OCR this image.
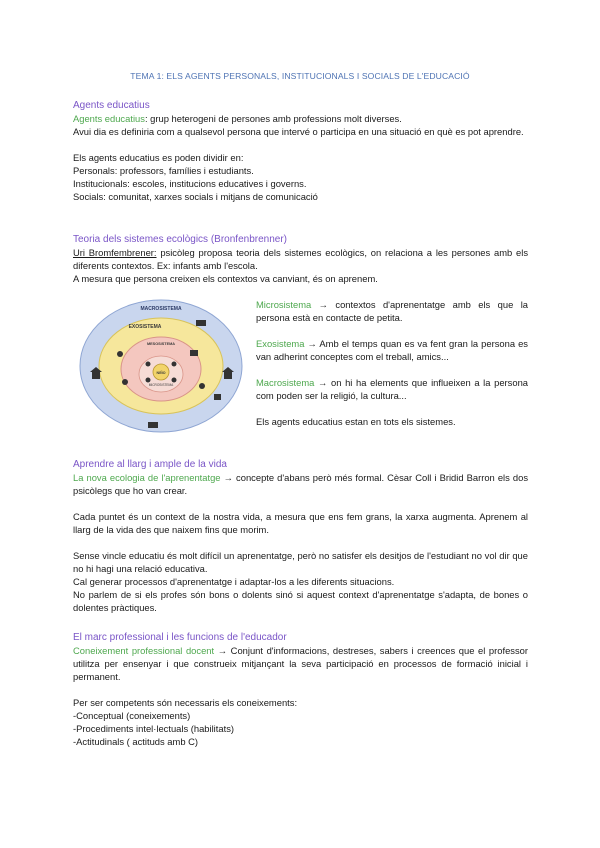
TEMA 1: ELS AGENTS PERSONALS, INSTITUCIONALS I SOCIALS DE L'EDUCACIÓ

Agents educatius

Agents educatius: grup heterogeni de persones amb professions molt diverses.

Avui dia es definiria com a qualsevol persona que intervé o participa en una situació en què es pot aprendre.

Els agents educatius es poden dividir en:

Personals: professors, famílies i estudiants.

Institucionals: escoles, institucions educatives i governs.

Socials: comunitat, xarxes socials i mitjans de comunicació

Teoria dels sistemes ecològics (Bronfenbrenner)

Uri Bromfembrener: psicòleg proposa teoria dels sistemes ecològics, on relaciona a les persones amb els diferents contextos. Ex: infants amb l'escola.

A mesura que persona creixen els contextos va canviant, és on aprenem.

MACROSISTEMA
EXOSISTEMA
MESOSISTEMA
MICROSISTEMA
NIÑO

Microsistema → contextos d'aprenentatge amb els que la persona està en contacte de petita.

Exosistema → Amb el temps quan es va fent gran la persona es van adherint conceptes com el treball, amics...

Macrosistema → on hi ha elements que influeixen a la persona com poden ser la religió, la cultura...

Els agents educatius estan en tots els sistemes.

Aprendre al llarg i ample de la vida

La nova ecologia de l'aprenentatge → concepte d'abans però més formal. Cèsar Coll i Bridid Barron els dos psicòlegs que ho van crear.

Cada puntet és un context de la nostra vida, a mesura que ens fem grans, la xarxa augmenta. Aprenem al llarg de la vida des que naixem fins que morim.

Sense vincle educatiu és molt difícil un aprenentatge, però no satisfer els desitjos de l'estudiant no vol dir que no hi hagi una relació educativa.

Cal generar processos d'aprenentatge i adaptar-los a les diferents situacions.

No parlem de si els profes són bons o dolents sinó si aquest context d'aprenentatge s'adapta, de bones o dolentes pràctiques.

El marc professional i les funcions de l'educador

Coneixement professional docent → Conjunt d'informacions, destreses, sabers i creences que el professor utilitza per ensenyar i que construeix mitjançant la seva participació en processos de formació inicial i permanent.

Per ser competents són necessaris els coneixements:

-Conceptual (coneixements)

-Procediments intel·lectuals (habilitats)

-Actitudinals ( actituds amb C)
